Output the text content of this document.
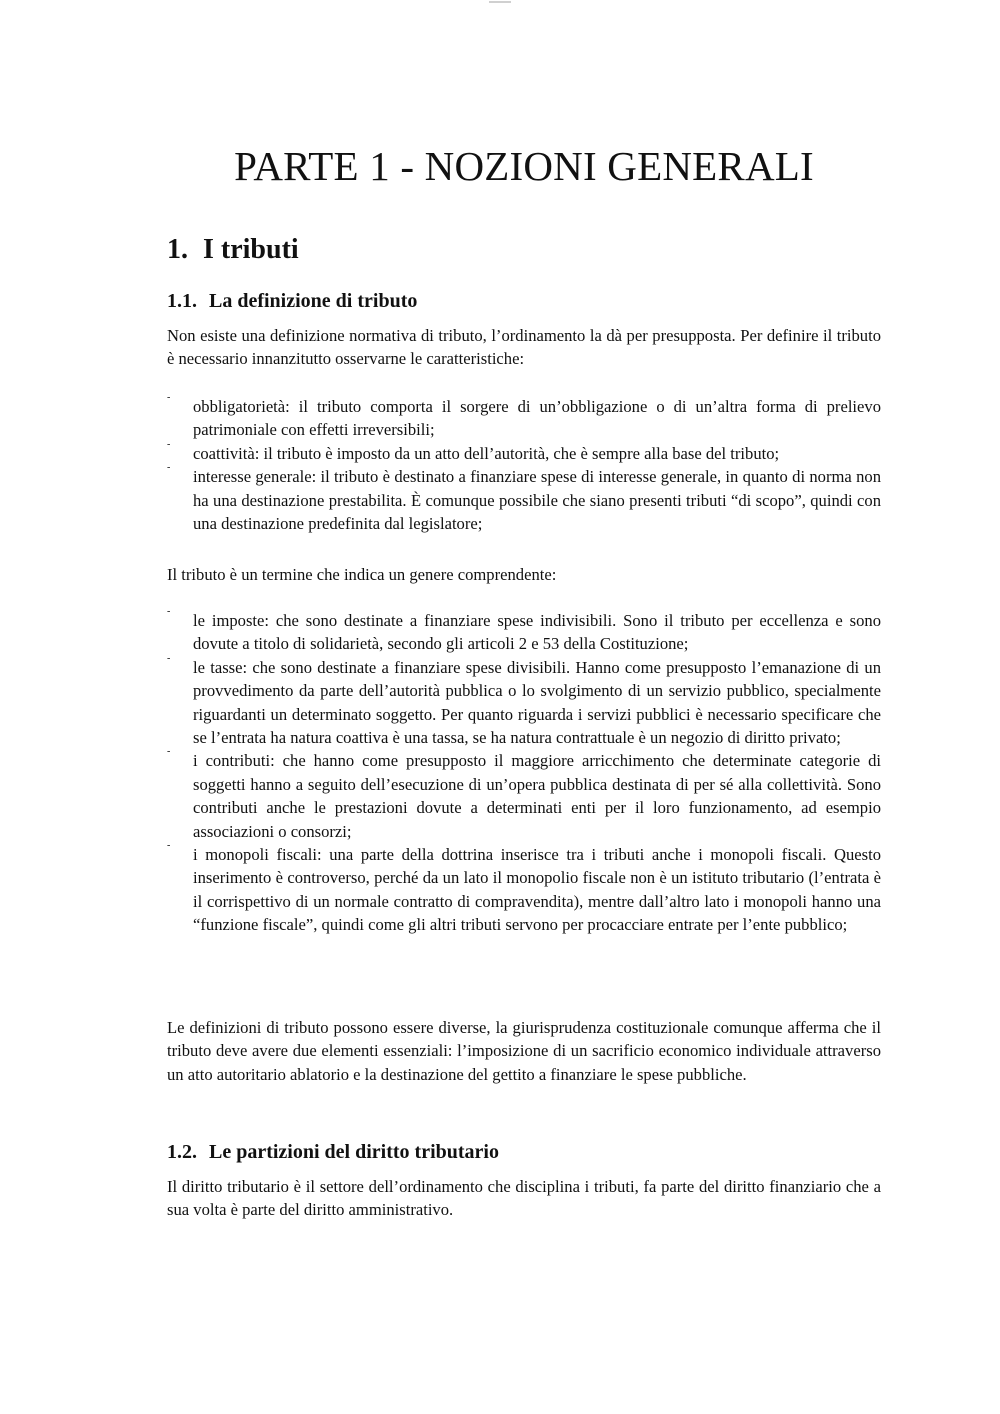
PARTE 1 - NOZIONI GENERALI
1. I tributi
1.1. La definizione di tributo

Non esiste una definizione normativa di tributo, l’ordinamento la dà per presupposta. Per definire il tributo è necessario innanzitutto osservarne le caratteristiche:

- obbligatorietà: il tributo comporta il sorgere di un’obbligazione o di un’altra forma di prelievo patrimoniale con effetti irreversibili;
- coattività: il tributo è imposto da un atto dell’autorità, che è sempre alla base del tributo;
- interesse generale: il tributo è destinato a finanziare spese di interesse generale, in quanto di norma non ha una destinazione prestabilita. È comunque possibile che siano presenti tributi “di scopo”, quindi con una destinazione predefinita dal legislatore;

Il tributo è un termine che indica un genere comprendente:

- le imposte: che sono destinate a finanziare spese indivisibili. Sono il tributo per eccellenza e sono dovute a titolo di solidarietà, secondo gli articoli 2 e 53 della Costituzione;
- le tasse: che sono destinate a finanziare spese divisibili. Hanno come presupposto l’emanazione di un provvedimento da parte dell’autorità pubblica o lo svolgimento di un servizio pubblico, specialmente riguardanti un determinato soggetto. Per quanto riguarda i servizi pubblici è necessario specificare che se l’entrata ha natura coattiva è una tassa, se ha natura contrattuale è un negozio di diritto privato;
- i contributi: che hanno come presupposto il maggiore arricchimento che determinate categorie di soggetti hanno a seguito dell’esecuzione di un’opera pubblica destinata di per sé alla collettività. Sono contributi anche le prestazioni dovute a determinati enti per il loro funzionamento, ad esempio associazioni o consorzi;
- i monopoli fiscali: una parte della dottrina inserisce tra i tributi anche i monopoli fiscali. Questo inserimento è controverso, perché da un lato il monopolio fiscale non è un istituto tributario (l’entrata è il corrispettivo di un normale contratto di compravendita), mentre dall’altro lato i monopoli hanno una “funzione fiscale”, quindi come gli altri tributi servono per procacciare entrate per l’ente pubblico;

Le definizioni di tributo possono essere diverse, la giurisprudenza costituzionale comunque afferma che il tributo deve avere due elementi essenziali: l’imposizione di un sacrificio economico individuale attraverso un atto autoritario ablatorio e la destinazione del gettito a finanziare le spese pubbliche.

1.2. Le partizioni del diritto tributario

Il diritto tributario è il settore dell’ordinamento che disciplina i tributi, fa parte del diritto finanziario che a sua volta è parte del diritto amministrativo.
